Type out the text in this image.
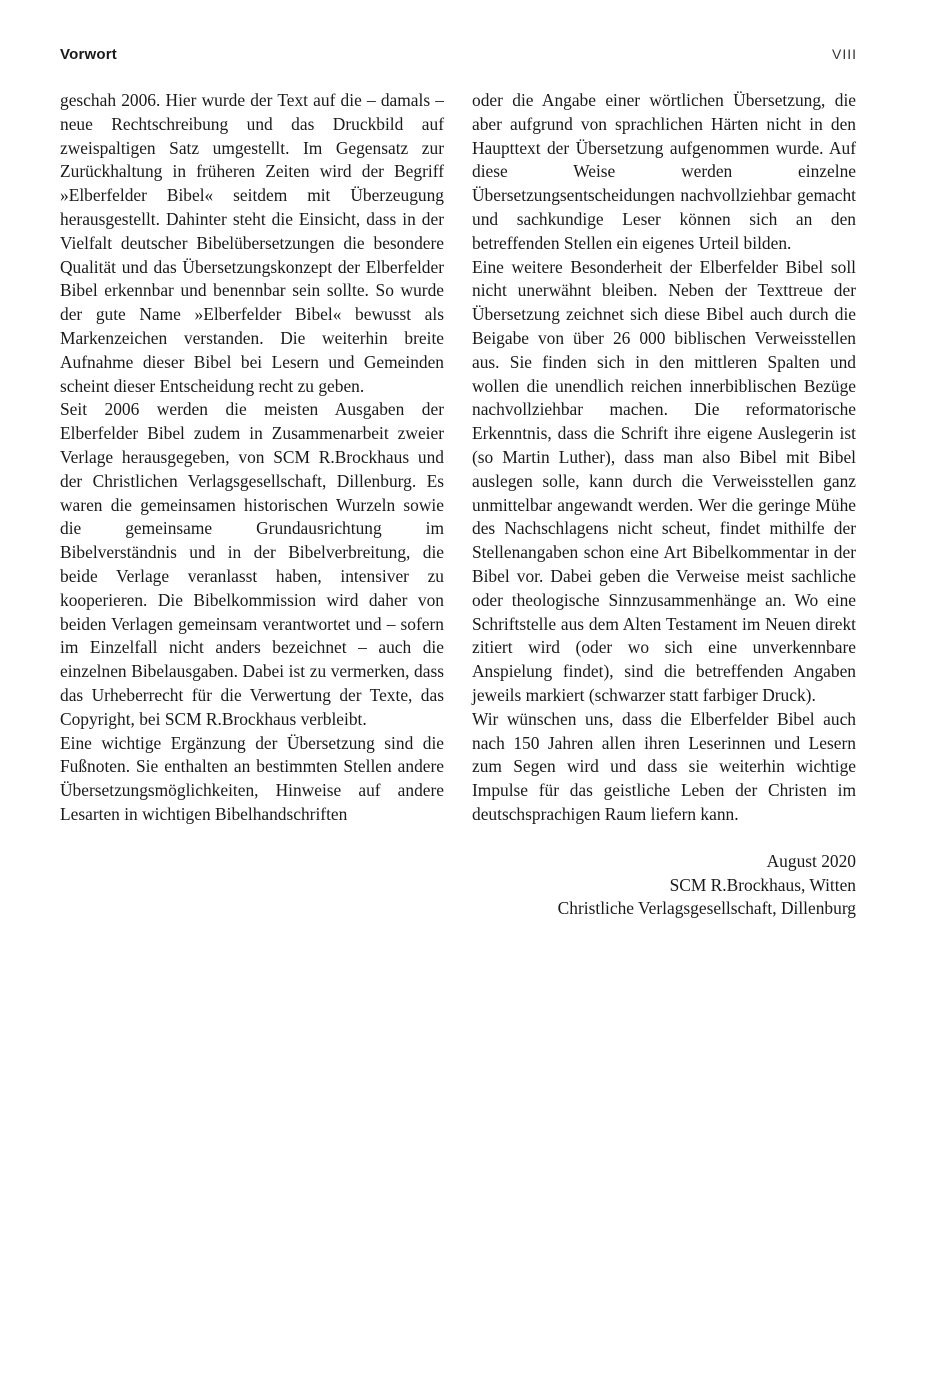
Vorwort	VIII

geschah 2006. Hier wurde der Text auf die – damals – neue Rechtschreibung und das Druckbild auf zweispaltigen Satz umgestellt. Im Gegensatz zur Zurückhaltung in früheren Zeiten wird der Begriff »Elberfelder Bibel« seitdem mit Überzeugung herausgestellt. Dahinter steht die Einsicht, dass in der Vielfalt deutscher Bibelübersetzungen die besondere Qualität und das Übersetzungskonzept der Elberfelder Bibel erkennbar und benennbar sein sollte. So wurde der gute Name »Elberfelder Bibel« bewusst als Markenzeichen verstanden. Die weiterhin breite Aufnahme dieser Bibel bei Lesern und Gemeinden scheint dieser Entscheidung recht zu geben.

Seit 2006 werden die meisten Ausgaben der Elberfelder Bibel zudem in Zusammenarbeit zweier Verlage herausgegeben, von SCM R.Brockhaus und der Christlichen Verlagsgesellschaft, Dillenburg. Es waren die gemeinsamen historischen Wurzeln sowie die gemeinsame Grundausrichtung im Bibelverständnis und in der Bibelverbreitung, die beide Verlage veranlasst haben, intensiver zu kooperieren. Die Bibelkommission wird daher von beiden Verlagen gemeinsam verantwortet und – sofern im Einzelfall nicht anders bezeichnet – auch die einzelnen Bibelausgaben. Dabei ist zu vermerken, dass das Urheberrecht für die Verwertung der Texte, das Copyright, bei SCM R.Brockhaus verbleibt.

Eine wichtige Ergänzung der Übersetzung sind die Fußnoten. Sie enthalten an bestimmten Stellen andere Übersetzungsmöglichkeiten, Hinweise auf andere Lesarten in wichtigen Bibelhandschriften

oder die Angabe einer wörtlichen Übersetzung, die aber aufgrund von sprachlichen Härten nicht in den Haupttext der Übersetzung aufgenommen wurde. Auf diese Weise werden einzelne Übersetzungsentscheidungen nachvollziehbar gemacht und sachkundige Leser können sich an den betreffenden Stellen ein eigenes Urteil bilden.

Eine weitere Besonderheit der Elberfelder Bibel soll nicht unerwähnt bleiben. Neben der Texttreue der Übersetzung zeichnet sich diese Bibel auch durch die Beigabe von über 26 000 biblischen Verweisstellen aus. Sie finden sich in den mittleren Spalten und wollen die unendlich reichen innerbiblischen Bezüge nachvollziehbar machen. Die reformatorische Erkenntnis, dass die Schrift ihre eigene Auslegerin ist (so Martin Luther), dass man also Bibel mit Bibel auslegen solle, kann durch die Verweisstellen ganz unmittelbar angewandt werden. Wer die geringe Mühe des Nachschlagens nicht scheut, findet mithilfe der Stellenangaben schon eine Art Bibelkommentar in der Bibel vor. Dabei geben die Verweise meist sachliche oder theologische Sinnzusammenhänge an. Wo eine Schriftstelle aus dem Alten Testament im Neuen direkt zitiert wird (oder wo sich eine unverkennbare Anspielung findet), sind die betreffenden Angaben jeweils markiert (schwarzer statt farbiger Druck).

Wir wünschen uns, dass die Elberfelder Bibel auch nach 150 Jahren allen ihren Leserinnen und Lesern zum Segen wird und dass sie weiterhin wichtige Impulse für das geistliche Leben der Christen im deutschsprachigen Raum liefern kann.

August 2020
SCM R.Brockhaus, Witten
Christliche Verlagsgesellschaft, Dillenburg
